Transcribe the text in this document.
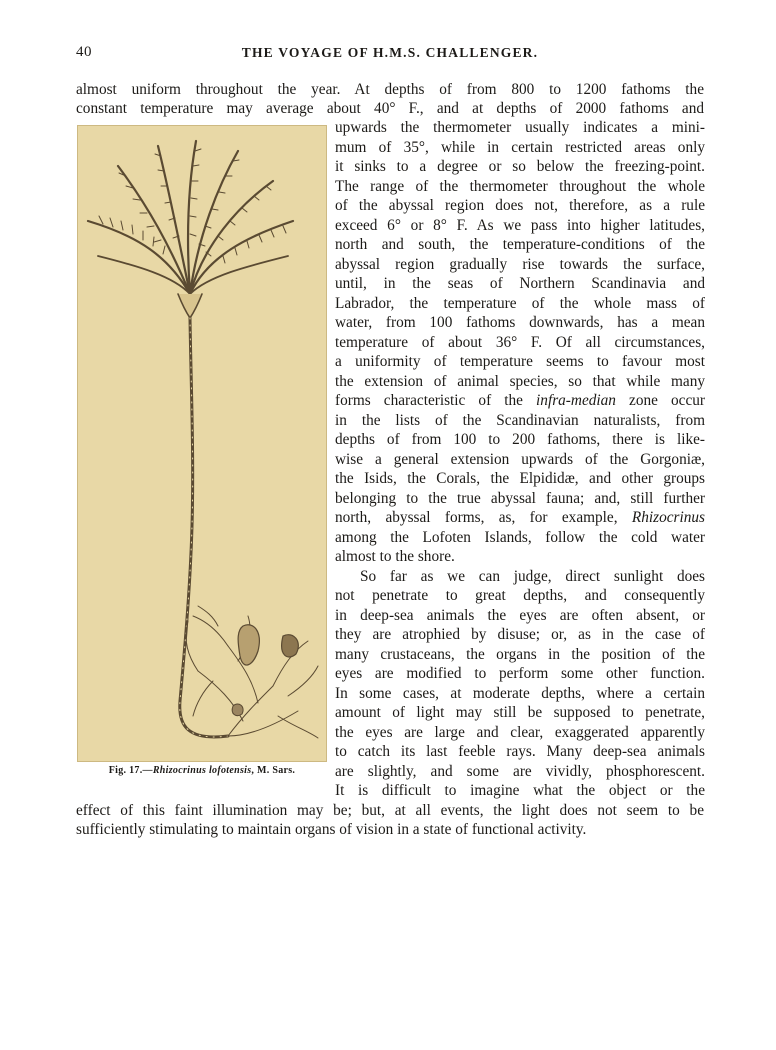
40	THE VOYAGE OF H.M.S. CHALLENGER.
almost uniform throughout the year. At depths of from 800 to 1200 fathoms the
constant temperature may average about 40° F., and at depths of 2000 fathoms and
upwards the thermometer usually indicates a mini-
mum of 35°, while in certain restricted areas only
it sinks to a degree or so below the freezing-point.
The range of the thermometer throughout the whole
of the abyssal region does not, therefore, as a rule
exceed 6° or 8° F. As we pass into higher latitudes,
north and south, the temperature-conditions of the
abyssal region gradually rise towards the surface,
until, in the seas of Northern Scandinavia and
Labrador, the temperature of the whole mass of
water, from 100 fathoms downwards, has a mean
temperature of about 36° F. Of all circumstances,
a uniformity of temperature seems to favour most
the extension of animal species, so that while many
forms characteristic of the infra-median zone occur
in the lists of the Scandinavian naturalists, from
depths of from 100 to 200 fathoms, there is like-
wise a general extension upwards of the Gorgoniæ,
the Isids, the Corals, the Elpididæ, and other groups
belonging to the true abyssal fauna; and, still further
north, abyssal forms, as, for example, Rhizocrinus
among the Lofoten Islands, follow the cold water
almost to the shore.
So far as we can judge, direct sunlight does
not penetrate to great depths, and consequently
in deep-sea animals the eyes are often absent, or
they are atrophied by disuse; or, as in the case of
many crustaceans, the organs in the position of the
eyes are modified to perform some other function.
In some cases, at moderate depths, where a certain
amount of light may still be supposed to penetrate,
the eyes are large and clear, exaggerated apparently
to catch its last feeble rays. Many deep-sea animals
are slightly, and some are vividly, phosphorescent.
It is difficult to imagine what the object or the
effect of this faint illumination may be; but, at all events, the light does not seem to be
sufficiently stimulating to maintain organs of vision in a state of functional activity.
Fig. 17.—Rhizocrinus lofotensis, M. Sars.
